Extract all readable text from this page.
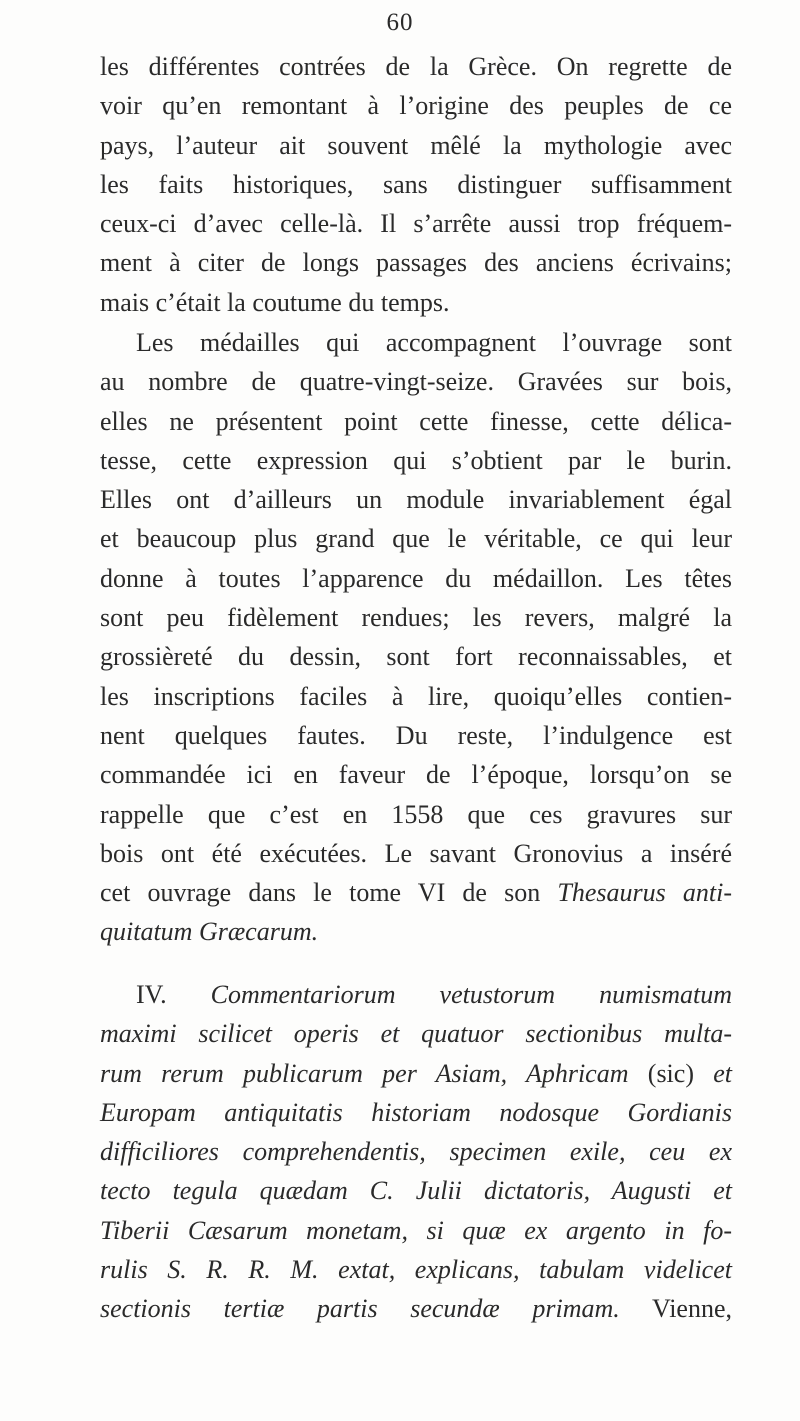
60
les différentes contrées de la Grèce. On regrette de
voir qu’en remontant à l’origine des peuples de ce
pays, l’auteur ait souvent mêlé la mythologie avec
les faits historiques, sans distinguer suffisamment
ceux-ci d’avec celle-là. Il s’arrête aussi trop fréquem-
ment à citer de longs passages des anciens écrivains;
mais c’était la coutume du temps.
Les médailles qui accompagnent l’ouvrage sont
au nombre de quatre-vingt-seize. Gravées sur bois,
elles ne présentent point cette finesse, cette délica-
tesse, cette expression qui s’obtient par le burin.
Elles ont d’ailleurs un module invariablement égal
et beaucoup plus grand que le véritable, ce qui leur
donne à toutes l’apparence du médaillon. Les têtes
sont peu fidèlement rendues; les revers, malgré la
grossièreté du dessin, sont fort reconnaissables, et
les inscriptions faciles à lire, quoiqu’elles contien-
nent quelques fautes. Du reste, l’indulgence est
commandée ici en faveur de l’époque, lorsqu’on se
rappelle que c’est en 1558 que ces gravures sur
bois ont été exécutées. Le savant Gronovius a inséré
cet ouvrage dans le tome VI de son Thesaurus anti-
quitatum Græcarum.
IV. Commentariorum vetustorum numismatum
maximi scilicet operis et quatuor sectionibus multa-
rum rerum publicarum per Asiam, Aphricam (sic) et
Europam antiquitatis historiam nodosque Gordianis
difficiliores comprehendentis, specimen exile, ceu ex
tecto tegula quædam C. Julii dictatoris, Augusti et
Tiberii Cæsarum monetam, si quæ ex argento in fo-
rulis S. R. R. M. extat, explicans, tabulam videlicet
sectionis tertiæ partis secundæ primam. Vienne,
